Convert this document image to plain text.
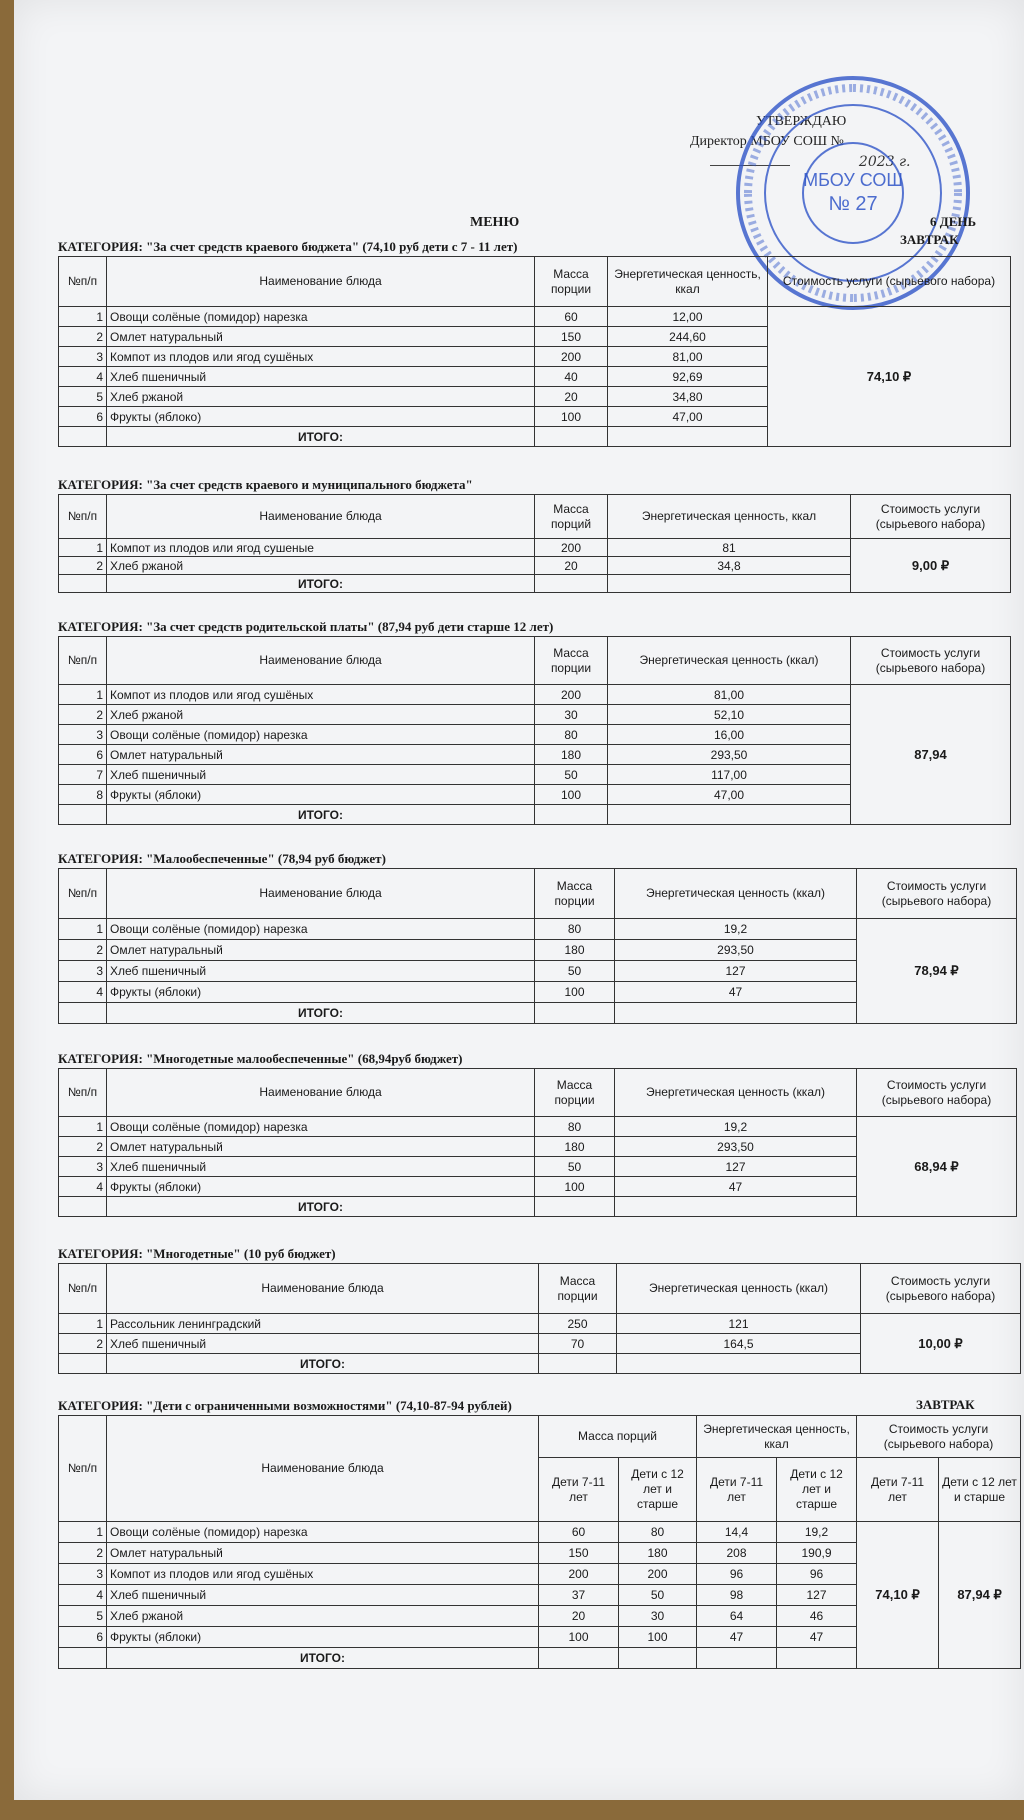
УТВЕРЖДАЮ
Директор МБОУ СОШ №
2023 г.
МБОУ СОШ
№ 27
МЕНЮ	6 ДЕНЬ
ЗАВТРАК
КАТЕГОРИЯ: "За счет средств краевого бюджета" (74,10 руб дети с 7 - 11 лет)
№п/п	Наименование блюда	Масса порции	Энергетическая ценность, ккал	Стоимость услуги (сырьевого набора)
1	Овощи солёные (помидор) нарезка	60	12,00	74,10 ₽
2	Омлет натуральный	150	244,60	
3	Компот из плодов или ягод сушёных	200	81,00	
4	Хлеб пшеничный	40	92,69	
5	Хлеб ржаной	20	34,80	
6	Фрукты (яблоко)	100	47,00	
	ИТОГО:			
КАТЕГОРИЯ: "За счет средств краевого и муниципального бюджета"
№п/п	Наименование блюда	Масса порций	Энергетическая ценность, ккал	Стоимость услуги (сырьевого набора)
1	Компот из плодов или ягод сушеные	200	81	9,00 ₽
2	Хлеб ржаной	20	34,8	
	ИТОГО:			
КАТЕГОРИЯ: "За счет средств родительской платы" (87,94 руб дети старше 12 лет)
№п/п	Наименование блюда	Масса порции	Энергетическая ценность (ккал)	Стоимость услуги (сырьевого набора)
1	Компот из плодов или ягод сушёных	200	81,00	87,94
2	Хлеб ржаной	30	52,10	
3	Овощи солёные (помидор) нарезка	80	16,00	
6	Омлет натуральный	180	293,50	
7	Хлеб пшеничный	50	117,00	
8	Фрукты (яблоки)	100	47,00	
	ИТОГО:			
КАТЕГОРИЯ: "Малообеспеченные" (78,94 руб бюджет)
№п/п	Наименование блюда	Масса порции	Энергетическая ценность (ккал)	Стоимость услуги (сырьевого набора)
1	Овощи солёные (помидор) нарезка	80	19,2	78,94 ₽
2	Омлет натуральный	180	293,50	
3	Хлеб пшеничный	50	127	
4	Фрукты (яблоки)	100	47	
	ИТОГО:			
КАТЕГОРИЯ: "Многодетные малообеспеченные" (68,94руб бюджет)
№п/п	Наименование блюда	Масса порции	Энергетическая ценность (ккал)	Стоимость услуги (сырьевого набора)
1	Овощи солёные (помидор) нарезка	80	19,2	68,94 ₽
2	Омлет натуральный	180	293,50	
3	Хлеб пшеничный	50	127	
4	Фрукты (яблоки)	100	47	
	ИТОГО:			
КАТЕГОРИЯ: "Многодетные" (10 руб бюджет)
№п/п	Наименование блюда	Масса порции	Энергетическая ценность (ккал)	Стоимость услуги (сырьевого набора)
1	Рассольник ленинградский	250	121	10,00 ₽
2	Хлеб пшеничный	70	164,5	
	ИТОГО:			
КАТЕГОРИЯ: "Дети с ограниченными возможностями" (74,10-87-94 рублей)	ЗАВТРАК
№п/п	Наименование блюда	Масса порций		Энергетическая ценность, ккал		Стоимость услуги (сырьевого набора)	
		Дети 7-11 лет	Дети с 12 лет и старше	Дети 7-11 лет	Дети с 12 лет и старше	Дети 7-11 лет	Дети с 12 лет и старше
1	Овощи солёные (помидор) нарезка	60	80	14,4	19,2	74,10 ₽	87,94 ₽
2	Омлет натуральный	150	180	208	190,9		
3	Компот из плодов или ягод сушёных	200	200	96	96		
4	Хлеб пшеничный	37	50	98	127		
5	Хлеб ржаной	20	30	64	46		
6	Фрукты (яблоки)	100	100	47	47		
	ИТОГО:						
